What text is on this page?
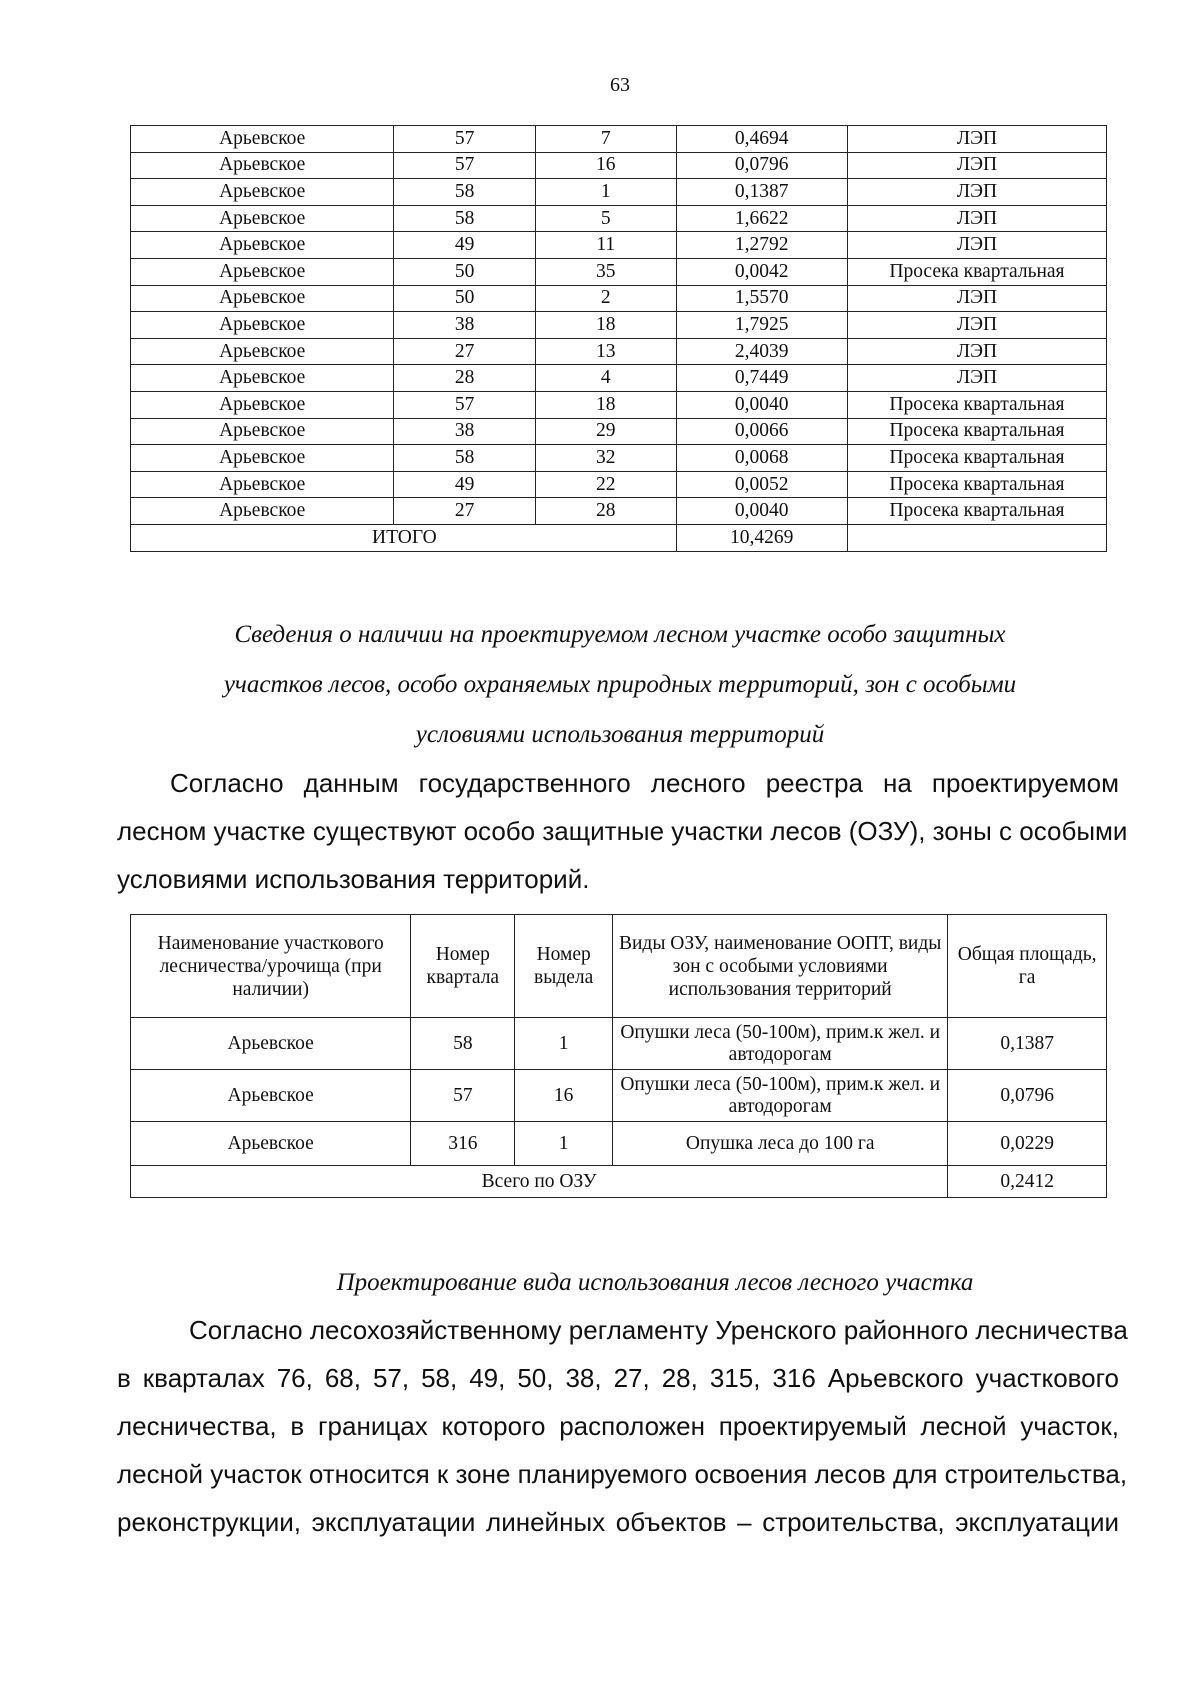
63
Арьевское	57	7	0,4694	ЛЭП
Арьевское	57	16	0,0796	ЛЭП
Арьевское	58	1	0,1387	ЛЭП
Арьевское	58	5	1,6622	ЛЭП
Арьевское	49	11	1,2792	ЛЭП
Арьевское	50	35	0,0042	Просека квартальная
Арьевское	50	2	1,5570	ЛЭП
Арьевское	38	18	1,7925	ЛЭП
Арьевское	27	13	2,4039	ЛЭП
Арьевское	28	4	0,7449	ЛЭП
Арьевское	57	18	0,0040	Просека квартальная
Арьевское	38	29	0,0066	Просека квартальная
Арьевское	58	32	0,0068	Просека квартальная
Арьевское	49	22	0,0052	Просека квартальная
Арьевское	27	28	0,0040	Просека квартальная
ИТОГО			10,4269	
Сведения о наличии на проектируемом лесном участке особо защитных
участков лесов, особо охраняемых природных территорий, зон с особыми
условиями использования территорий
Согласно данным государственного лесного реестра на проектируемом
лесном участке существуют особо защитные участки лесов (ОЗУ), зоны с особыми
условиями использования территорий.
Наименование участкового лесничества/урочища (при наличии)	Номер квартала	Номер выдела	Виды ОЗУ, наименование ООПТ, виды зон с особыми условиями использования территорий	Общая площадь, га
Арьевское	58	1	Опушки леса (50-100м), прим.к жел. и автодорогам	0,1387
Арьевское	57	16	Опушки леса (50-100м), прим.к жел. и автодорогам	0,0796
Арьевское	316	1	Опушка леса до 100 га	0,0229
Всего по ОЗУ				0,2412
Проектирование вида использования лесов лесного участка
Согласно лесохозяйственному регламенту Уренского районного лесничества
в кварталах 76, 68, 57, 58, 49, 50, 38, 27, 28, 315, 316 Арьевского участкового
лесничества, в границах которого расположен проектируемый лесной участок,
лесной участок относится к зоне планируемого освоения лесов для строительства,
реконструкции, эксплуатации линейных объектов – строительства, эксплуатации
